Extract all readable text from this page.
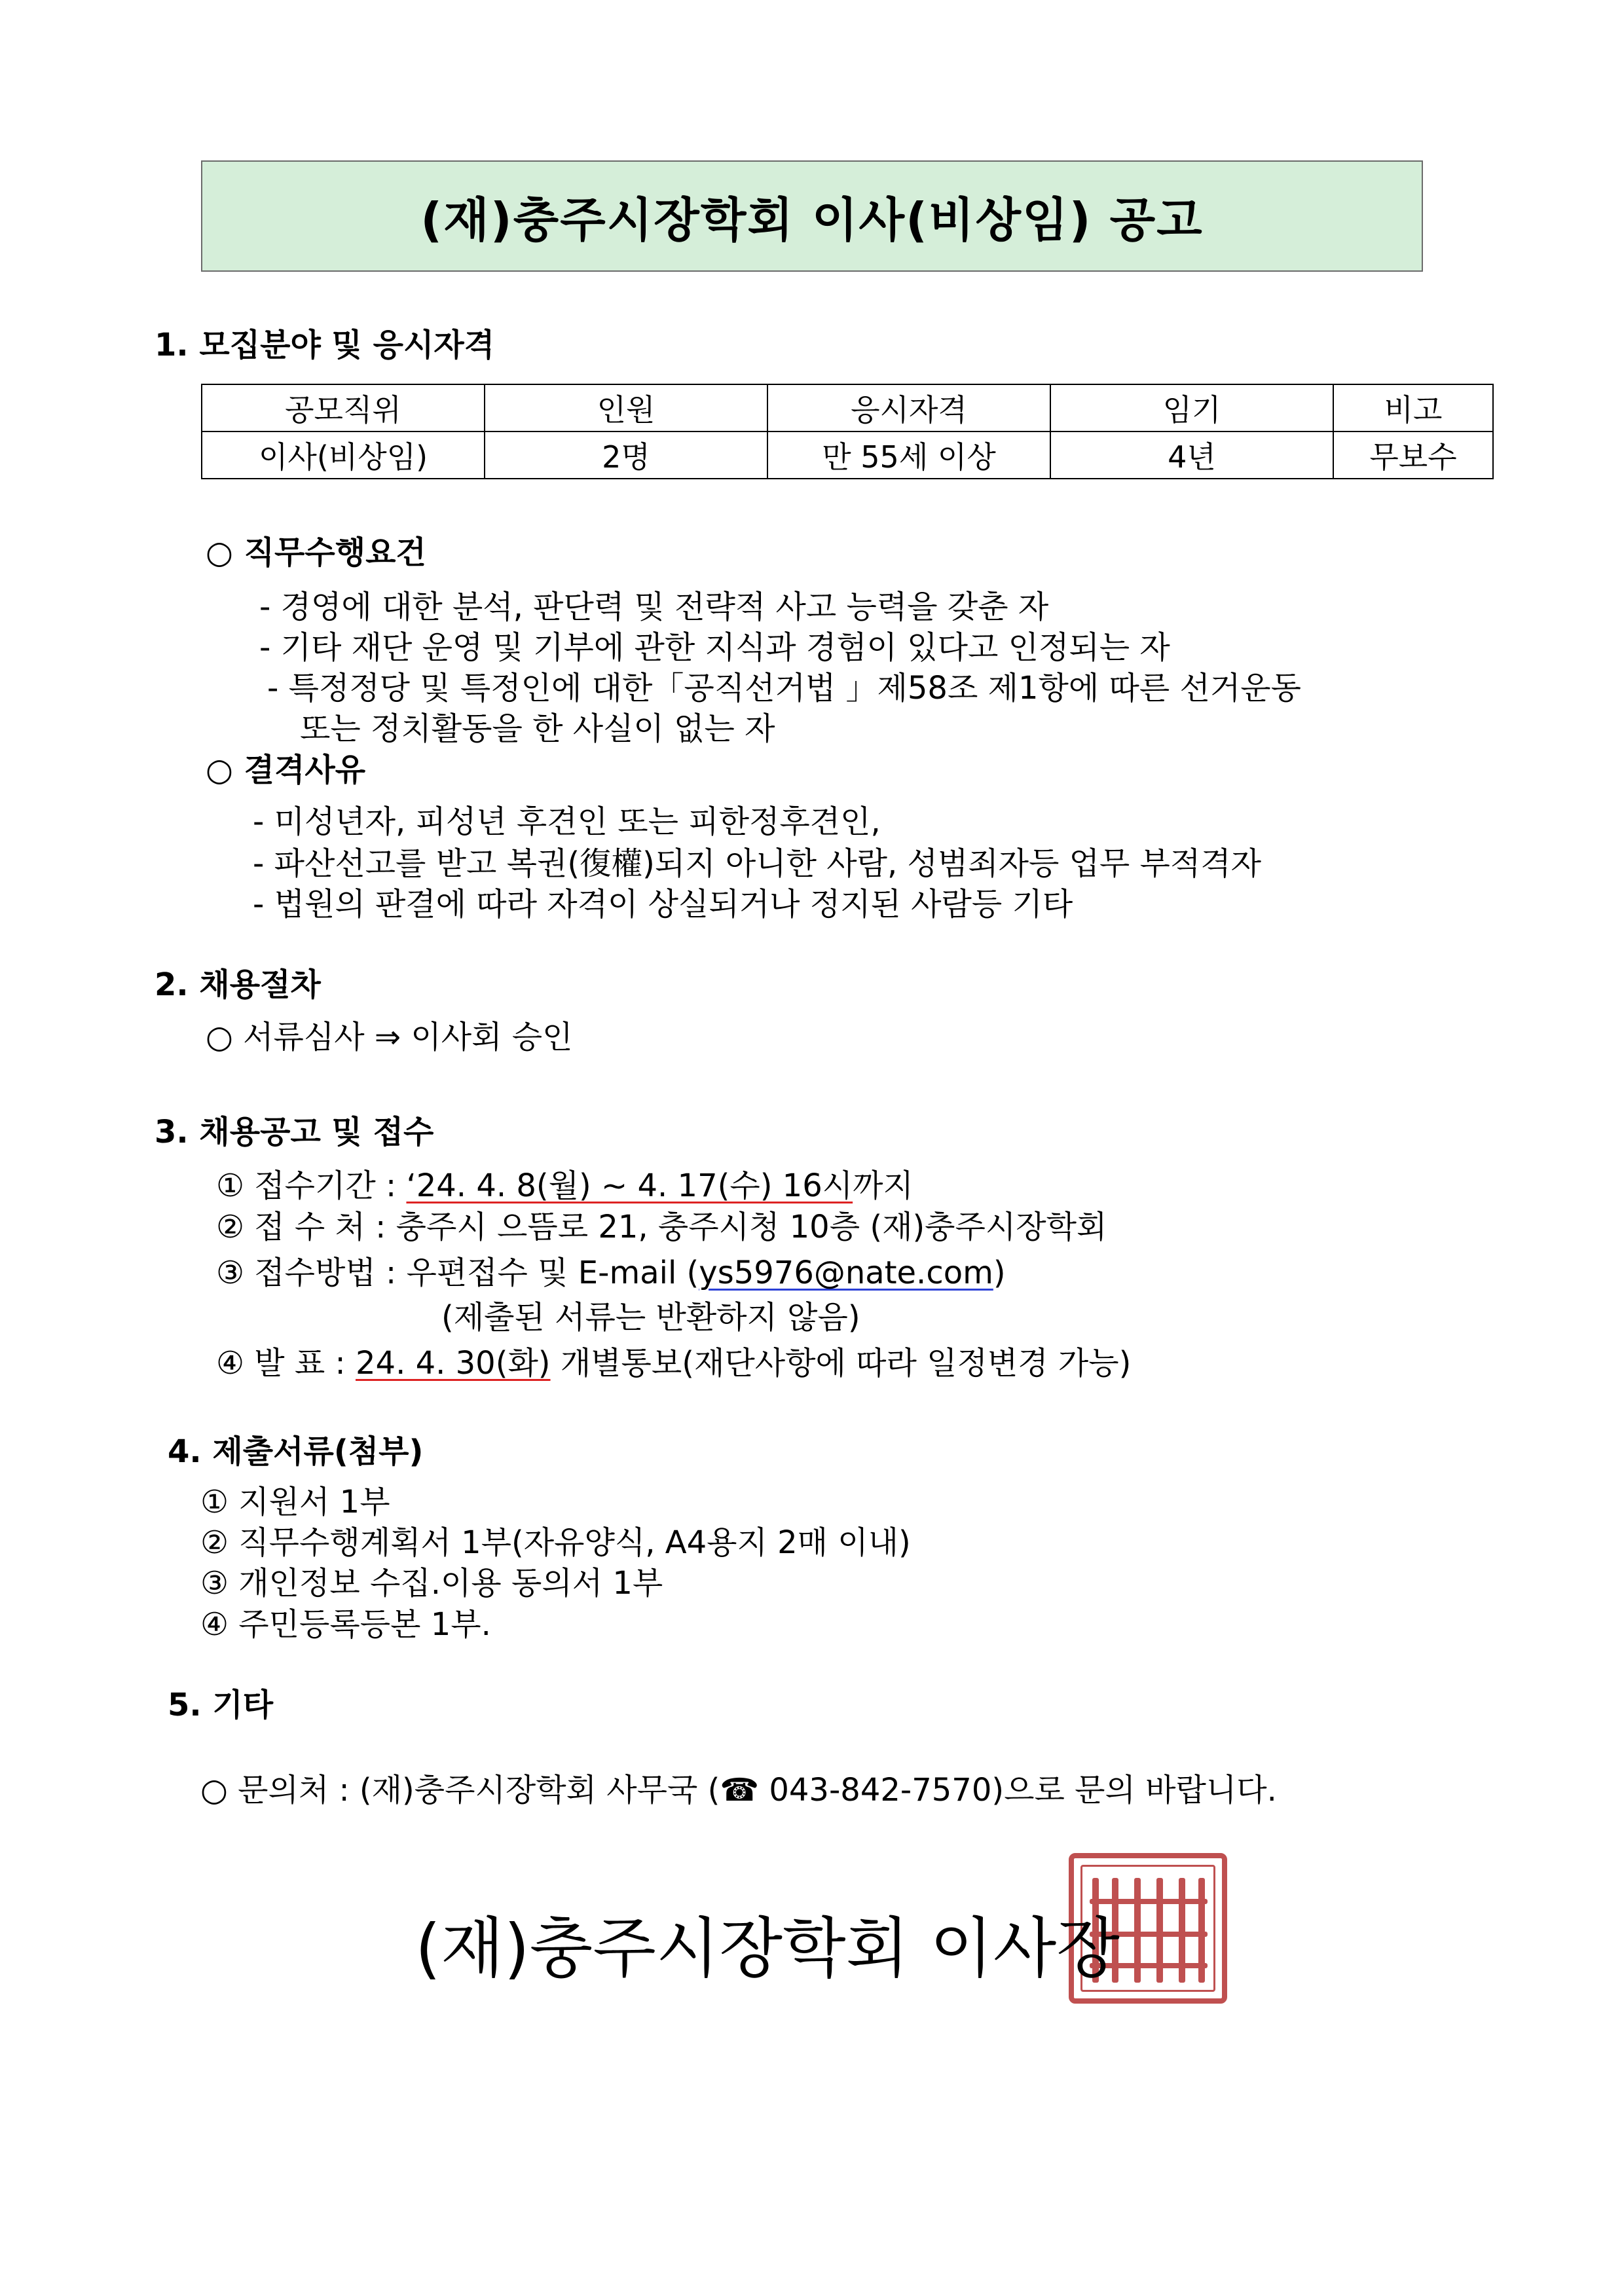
(재)충주시장학회 이사(비상임) 공고
1. 모집분야 및 응시자격
공모직위	인원	응시자격	임기	비고
이사(비상임)	2명	만 55세 이상	4년	무보수
○ 직무수행요건
- 경영에 대한 분석, 판단력 및 전략적 사고 능력을 갖춘 자
- 기타 재단 운영 및 기부에 관한 지식과 경험이 있다고 인정되는 자
- 특정정당 및 특정인에 대한「공직선거법 」제58조 제1항에 따른 선거운동
또는 정치활동을 한 사실이 없는 자
○ 결격사유
- 미성년자, 피성년 후견인 또는 피한정후견인,
- 파산선고를 받고 복권(復權)되지 아니한 사람, 성범죄자등 업무 부적격자
- 법원의 판결에 따라 자격이 상실되거나 정지된 사람등 기타
2. 채용절차
○ 서류심사 ⇒ 이사회 승인
3. 채용공고 및 접수
① 접수기간 : ‘24. 4. 8(월) ~ 4. 17(수) 16시까지
② 접 수 처 : 충주시 으뜸로 21, 충주시청 10층 (재)충주시장학회
③ 접수방법 : 우편접수 및 E-mail (ys5976@nate.com)
(제출된 서류는 반환하지 않음)
④ 발 표 : 24. 4. 30(화) 개별통보(재단사항에 따라 일정변경 가능)
4. 제출서류(첨부)
① 지원서 1부
② 직무수행계획서 1부(자유양식, A4용지 2매 이내)
③ 개인정보 수집.이용 동의서 1부
④ 주민등록등본 1부.
5. 기타
○ 문의처 : (재)충주시장학회 사무국 (☎ 043-842-7570)으로 문의 바랍니다.
(재)충주시장학회 이사장
